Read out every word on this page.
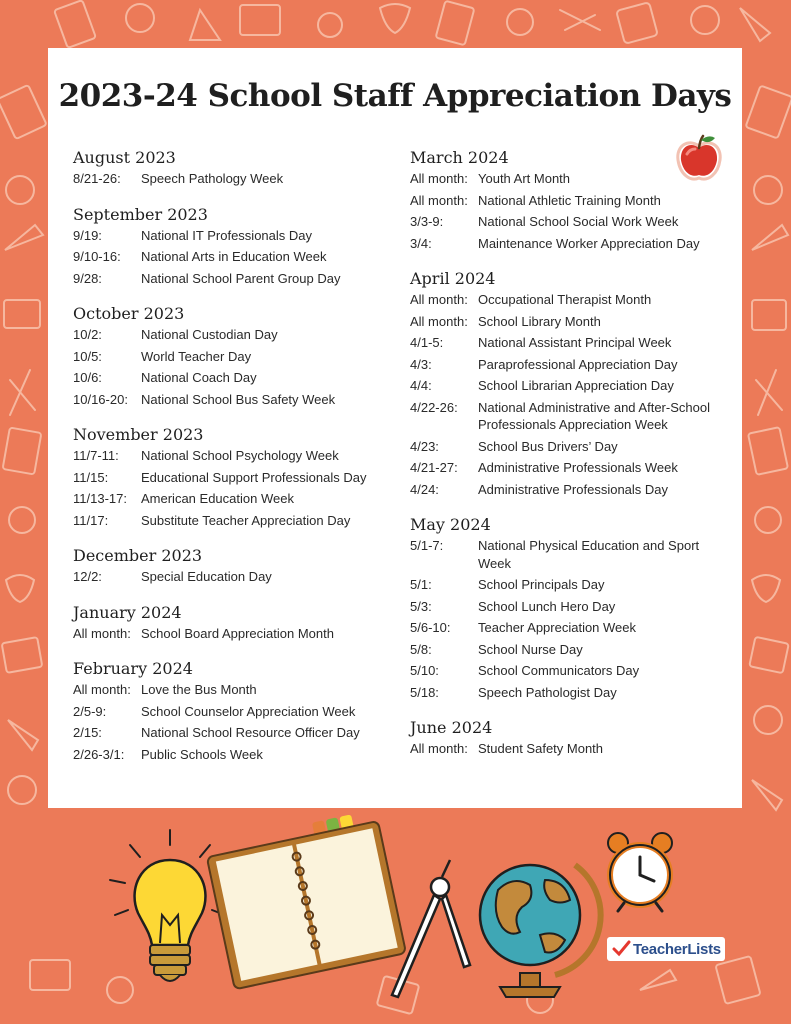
2023-24 School Staff Appreciation Days
August 2023
8/21-26:	Speech Pathology Week
September 2023
9/19:	National IT Professionals Day
9/10-16:	National Arts in Education Week
9/28:	National School Parent Group Day
October 2023
10/2:	National Custodian Day
10/5:	World Teacher Day
10/6:	National Coach Day
10/16-20:	National School Bus Safety Week
November 2023
11/7-11:	National School Psychology Week
11/15:	Educational Support Professionals Day
11/13-17:	American Education Week
11/17:	Substitute Teacher Appreciation Day
December 2023
12/2:	Special Education Day
January 2024
All month: School Board Appreciation Month
February 2024
All month: Love the Bus Month
2/5-9:	School Counselor Appreciation Week
2/15:	National School Resource Officer Day
2/26-3/1:	Public Schools Week
March 2024
All month: Youth Art Month
All month: National Athletic Training Month
3/3-9:	National School Social Work Week
3/4:	Maintenance Worker Appreciation Day
April 2024
All month: Occupational Therapist Month
All month: School Library Month
4/1-5:	National Assistant Principal Week
4/3:	Paraprofessional Appreciation Day
4/4:	School Librarian Appreciation Day
4/22-26:	National Administrative and After-School Professionals Appreciation Week
4/23:	School Bus Drivers’ Day
4/21-27:	Administrative Professionals Week
4/24:	Administrative Professionals Day
May 2024
5/1-7:	National Physical Education and Sport Week
5/1:	School Principals Day
5/3:	School Lunch Hero Day
5/6-10:	Teacher Appreciation Week
5/8:	School Nurse Day
5/10:	School Communicators Day
5/18:	Speech Pathologist Day
June 2024
All month: Student Safety Month
TeacherLists
